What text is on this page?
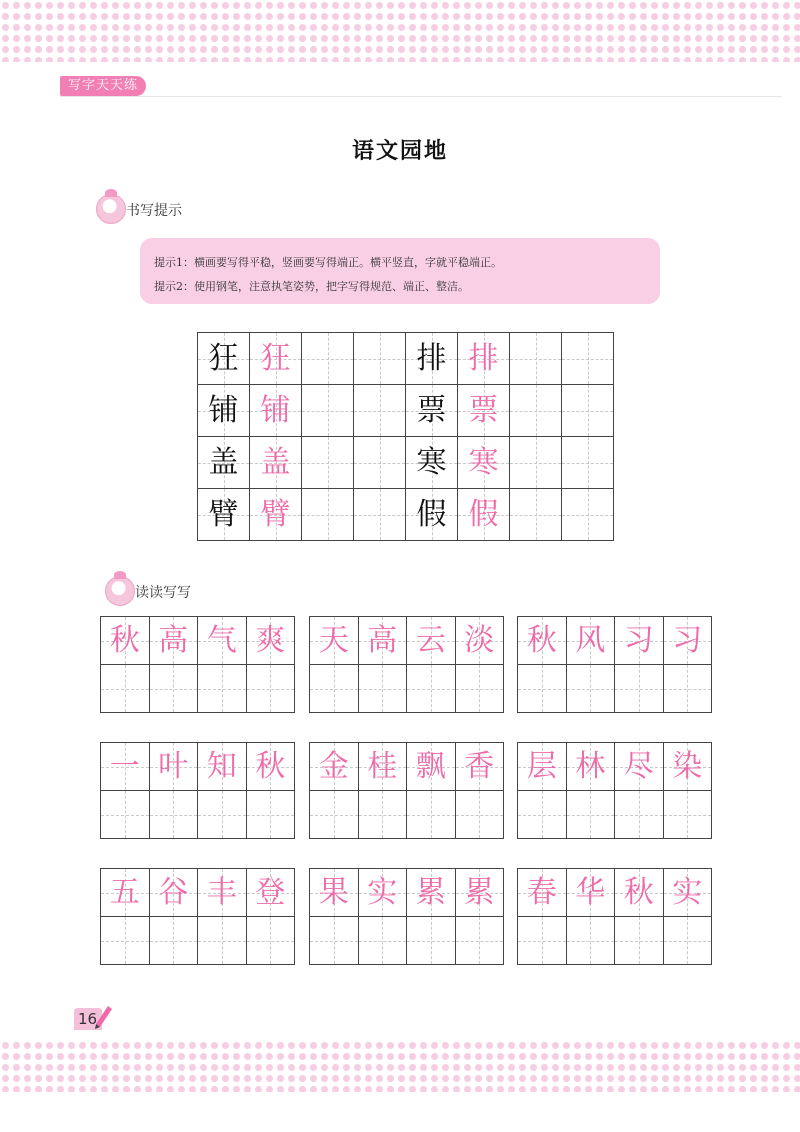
写字天天练
语文园地
书写提示
提示1：横画要写得平稳，竖画要写得端正。横平竖直，字就平稳端正。
提示2：使用钢笔，注意执笔姿势，把字写得规范、端正、整洁。
狂 狂	排 排
铺 铺	票 票
盖 盖	寒 寒
臂 臂	假 假
读读写写
秋 高 气 爽 天 高 云 淡 秋 风 习 习
一 叶 知 秋 金 桂 飘 香 层 林 尽 染
五 谷 丰 登 果 实 累 累 春 华 秋 实
16
